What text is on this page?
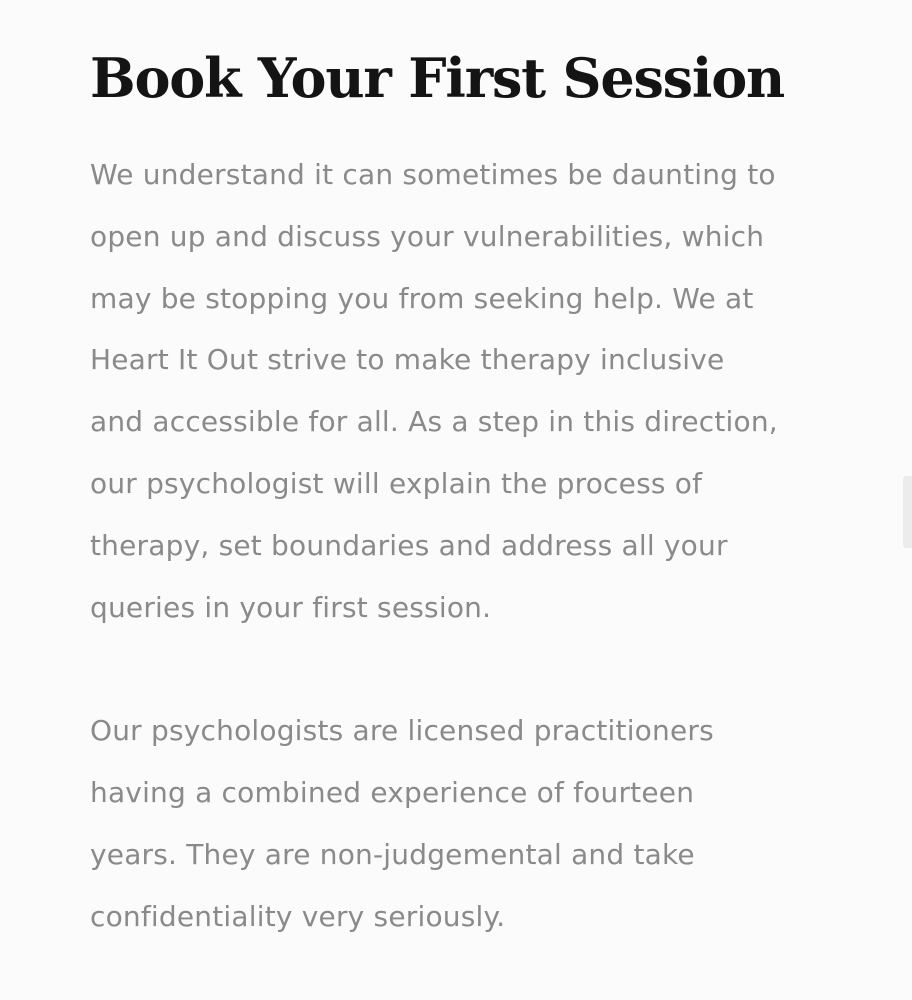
Book Your First Session

We understand it can sometimes be daunting to
open up and discuss your vulnerabilities, which
may be stopping you from seeking help. We at
Heart It Out strive to make therapy inclusive
and accessible for all. As a step in this direction,
our psychologist will explain the process of
therapy, set boundaries and address all your
queries in your first session.

Our psychologists are licensed practitioners
having a combined experience of fourteen
years. They are non-judgemental and take
confidentiality very seriously.
